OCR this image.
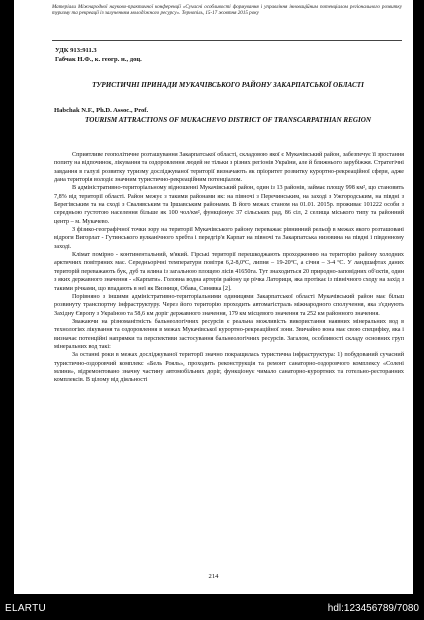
Матеріали Міжнародної науково-практичної конференції «Сучасні особливості формування і управління інноваційним потенціалом регіонального розвитку туризму та рекреації із залученням молодіжного ресурсу». Тернопіль, 15-17 жовтня 2015 року
УДК 913:911.3
Габчак Н.Ф., к. геогр. н., доц.
ТУРИСТИЧНІ ПРИНАДИ МУКАЧІВСЬКОГО РАЙОНУ ЗАКАРПАТСЬКОЇ ОБЛАСТІ
Habchak N.F., Ph.D. Assoc., Prof.
TOURISM ATTRACTIONS OF MUKACHEVO DISTRICT OF TRANSCARPATHIAN REGION

Сприятливе геополітичне розташування Закарпатської області, складовою якої є Мукачівський район, забезпечує її зростання попиту на відпочинок, лікування та оздоровлення людей не тільки з різних регіонів України, але й ближнього зарубіжжя. Стратегічні завдання в галузі розвитку туризму досліджуваної території визначають як пріоритет розвитку курортно-рекреаційної сфери, адже дана територія володіє значним туристично-рекреаційним потенціалом.

В адміністративно-територіальному відношенні Мукачівський район, один із 13 районів, займає площу 998 км², що становить 7,8% від території області. Район межує з такими районами як: на півночі з Перечинським, на заході з Ужгородським, на півдні з Берегівським та на сході з Свалявським та Іршавським районами. В його межах станом на 01.01. 2015р. проживає 101222 особи з середньою густотою населення більше як 100 чол/км², функціонує 37 сільських рад, 86 сіл, 2 селища міського типу та районний центр – м. Мукачево.

З фізико-географічної точки зору на території Мукачівського району переважає рівнинний рельєф в межах якого розташовані відроги Вигорлат - Гутинського вулканічного хребта і передгір'я Карпат на півночі та Закарпатська низовина на півдні і південному заході.

Клімат помірно - континентальний, м'який. Гірські території перешкоджають проходженню на територію району холодних арктичних повітряних мас. Середньорічні температури повітря 6,2-8,0ºС, липня – 19-20ºС, а січня – 3-4 ºС. У ландшафтах даних територій переважають бук, дуб та ялина із загальною площею лісів 41650га. Тут знаходиться 20 природно-заповідних об'єктів, один з яких державного значення - «Карпати». Головна водна артерія району це річка Латориця, яка протікає із північного сходу на захід з такими річками, що впадають в неї як Визниця, Обава, Синявка [2].

Порівняно з іншими адміністративно-територіальними одиницями Закарпатської області Мукачівський район має більш розвинуту транспортну інфраструктуру. Через його територію проходить автомагістраль міжнародного сполучення, яка з'єднують Західну Європу з Україною та 58,6 км доріг державного значення, 179 км місцевого значення та 252 км районного значення.

Зважаючи на різноманітність бальнеологічних ресурсів є реальна можливість використання наявних мінеральних вод в технологіях лікування та оздоровлення в межах Мукачівської курортно-рекреаційної зони. Звичайно вона має свою специфіку, яка і визначає потенційні напрямки та перспективи застосування бальнеологічних ресурсів. Загалом, особливості складу основних груп мінеральних вод такі:

За останні роки в межах досліджуваної території значно покращилась туристична інфраструктура: 1) побудований сучасний туристично-оздоровчий комплекс «Бель Рояль», проходить реконструкція та ремонт санаторно-оздоровчого комплексу «Солені млини», відремонтовано значну частину автомобільних доріг, функціонує чимало санаторно-курортних та готельно-ресторанних комплексів. В цілому від діяльності

214
ELARTU	hdl:123456789/7080
